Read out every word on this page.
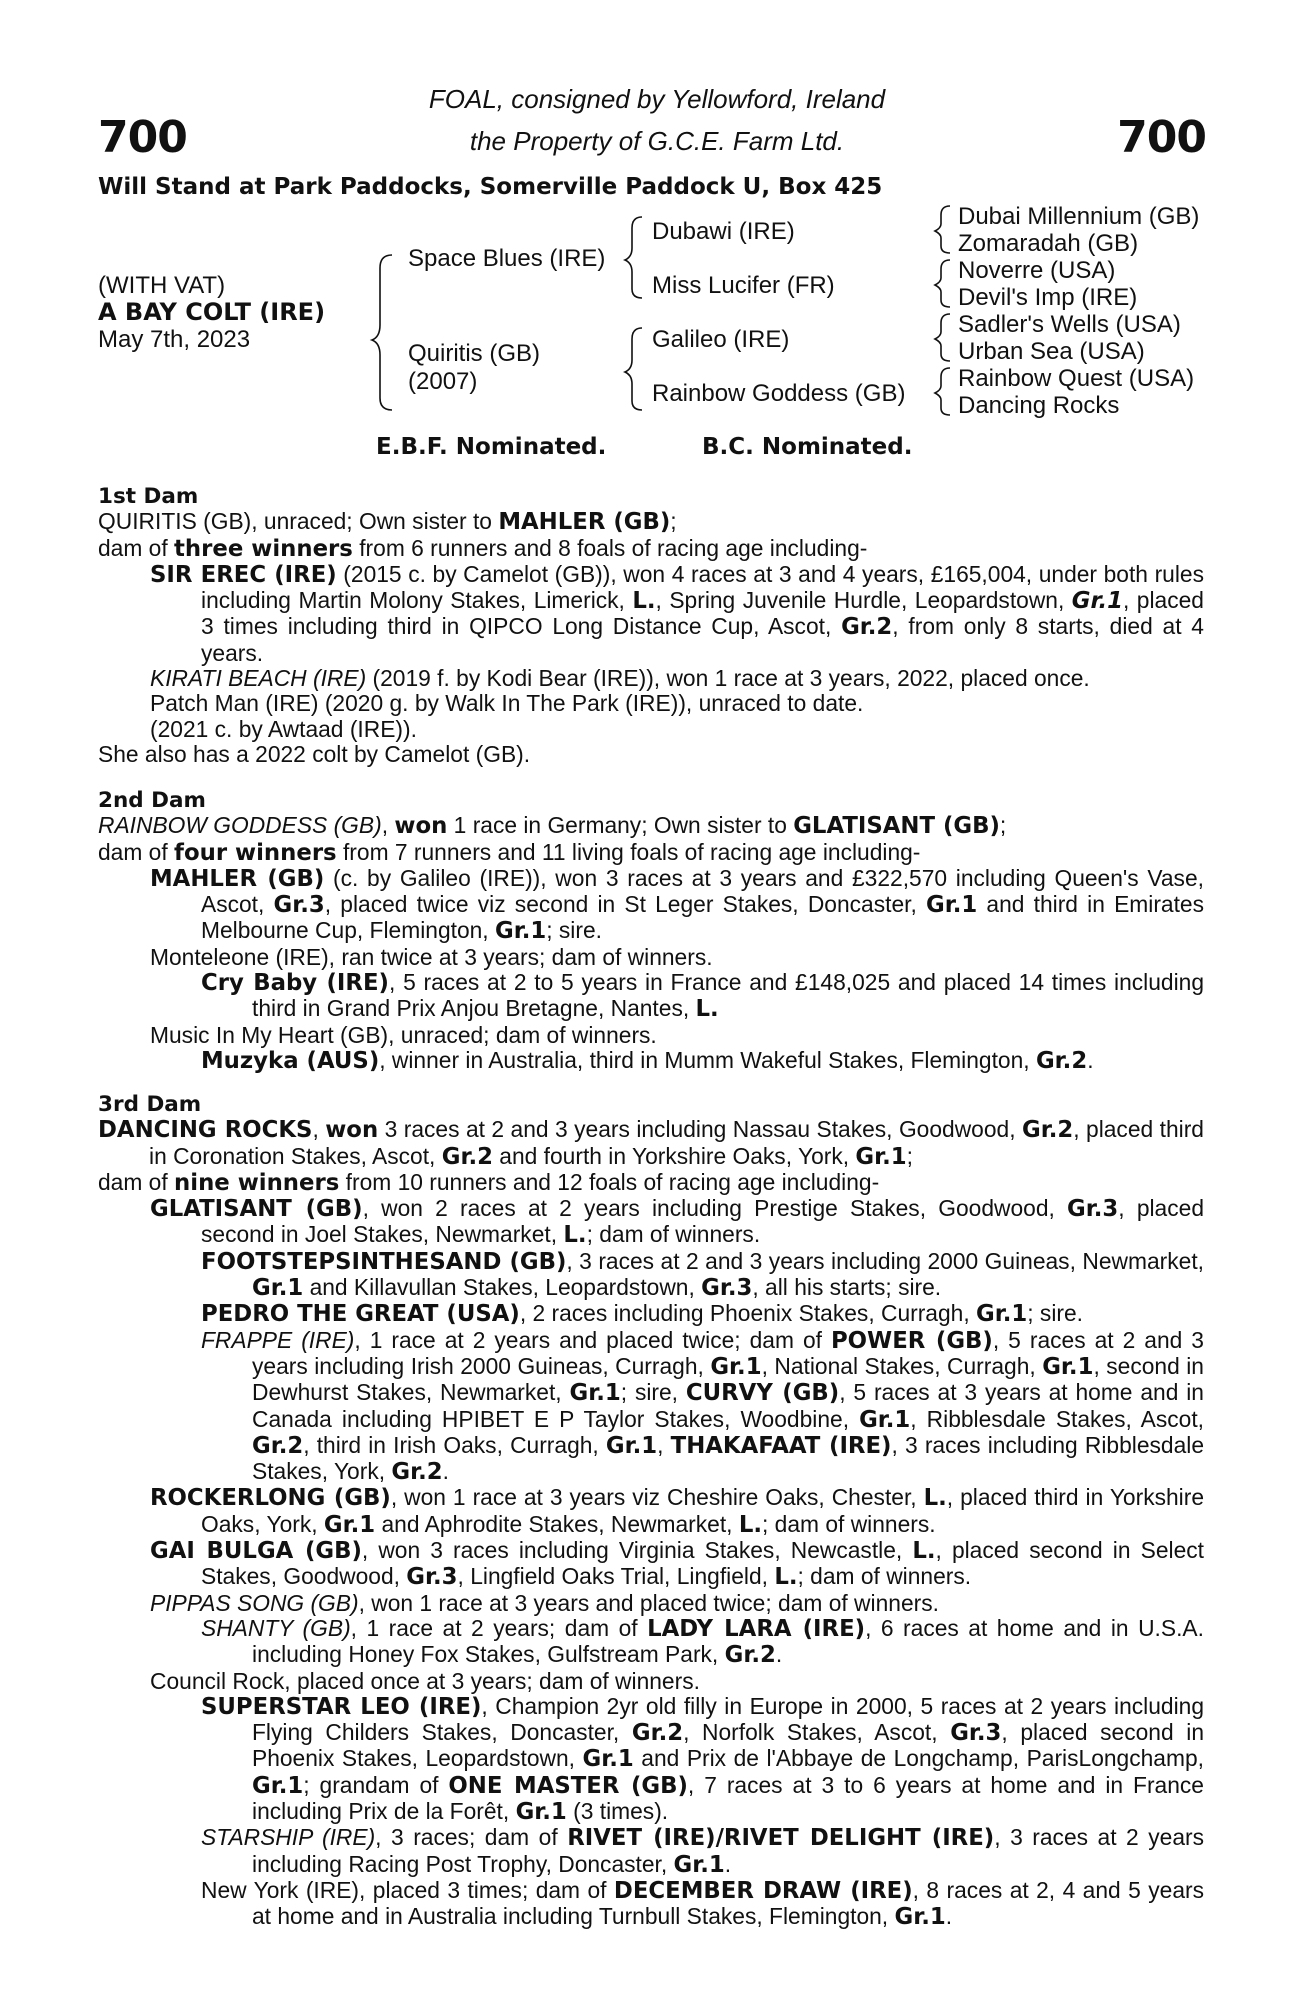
700	700
FOAL, consigned by Yellowford, Ireland
the Property of G.C.E. Farm Ltd.
Will Stand at Park Paddocks, Somerville Paddock U, Box 425
(WITH VAT)
A BAY COLT (IRE)
May 7th, 2023
Space Blues (IRE)
Quiritis (GB)
(2007)
Dubawi (IRE)
Miss Lucifer (FR)
Galileo (IRE)
Rainbow Goddess (GB)
Dubai Millennium (GB)
Zomaradah (GB)
Noverre (USA)
Devil's Imp (IRE)
Sadler's Wells (USA)
Urban Sea (USA)
Rainbow Quest (USA)
Dancing Rocks
E.B.F. Nominated.	B.C. Nominated.
1st Dam

QUIRITIS (GB), unraced; Own sister to MAHLER (GB);

dam of three winners from 6 runners and 8 foals of racing age including-

SIR EREC (IRE) (2015 c. by Camelot (GB)), won 4 races at 3 and 4 years, £165,004, under both rules including Martin Molony Stakes, Limerick, L., Spring Juvenile Hurdle, Leopardstown, Gr.1, placed 3 times including third in QIPCO Long Distance Cup, Ascot, Gr.2, from only 8 starts, died at 4 years.

KIRATI BEACH (IRE) (2019 f. by Kodi Bear (IRE)), won 1 race at 3 years, 2022, placed once.

Patch Man (IRE) (2020 g. by Walk In The Park (IRE)), unraced to date.

(2021 c. by Awtaad (IRE)).

She also has a 2022 colt by Camelot (GB).

2nd Dam

RAINBOW GODDESS (GB), won 1 race in Germany; Own sister to GLATISANT (GB);

dam of four winners from 7 runners and 11 living foals of racing age including-

MAHLER (GB) (c. by Galileo (IRE)), won 3 races at 3 years and £322,570 including Queen's Vase, Ascot, Gr.3, placed twice viz second in St Leger Stakes, Doncaster, Gr.1 and third in Emirates Melbourne Cup, Flemington, Gr.1; sire.

Monteleone (IRE), ran twice at 3 years; dam of winners.

Cry Baby (IRE), 5 races at 2 to 5 years in France and £148,025 and placed 14 times including third in Grand Prix Anjou Bretagne, Nantes, L.

Music In My Heart (GB), unraced; dam of winners.

Muzyka (AUS), winner in Australia, third in Mumm Wakeful Stakes, Flemington, Gr.2.

3rd Dam

DANCING ROCKS, won 3 races at 2 and 3 years including Nassau Stakes, Goodwood, Gr.2, placed third in Coronation Stakes, Ascot, Gr.2 and fourth in Yorkshire Oaks, York, Gr.1;

dam of nine winners from 10 runners and 12 foals of racing age including-

GLATISANT (GB), won 2 races at 2 years including Prestige Stakes, Goodwood, Gr.3, placed second in Joel Stakes, Newmarket, L.; dam of winners.

FOOTSTEPSINTHESAND (GB), 3 races at 2 and 3 years including 2000 Guineas, Newmarket, Gr.1 and Killavullan Stakes, Leopardstown, Gr.3, all his starts; sire.

PEDRO THE GREAT (USA), 2 races including Phoenix Stakes, Curragh, Gr.1; sire.

FRAPPE (IRE), 1 race at 2 years and placed twice; dam of POWER (GB), 5 races at 2 and 3 years including Irish 2000 Guineas, Curragh, Gr.1, National Stakes, Curragh, Gr.1, second in Dewhurst Stakes, Newmarket, Gr.1; sire, CURVY (GB), 5 races at 3 years at home and in Canada including HPIBET E P Taylor Stakes, Woodbine, Gr.1, Ribblesdale Stakes, Ascot, Gr.2, third in Irish Oaks, Curragh, Gr.1, THAKAFAAT (IRE), 3 races including Ribblesdale Stakes, York, Gr.2.

ROCKERLONG (GB), won 1 race at 3 years viz Cheshire Oaks, Chester, L., placed third in Yorkshire Oaks, York, Gr.1 and Aphrodite Stakes, Newmarket, L.; dam of winners.

GAI BULGA (GB), won 3 races including Virginia Stakes, Newcastle, L., placed second in Select Stakes, Goodwood, Gr.3, Lingfield Oaks Trial, Lingfield, L.; dam of winners.

PIPPAS SONG (GB), won 1 race at 3 years and placed twice; dam of winners.

SHANTY (GB), 1 race at 2 years; dam of LADY LARA (IRE), 6 races at home and in U.S.A. including Honey Fox Stakes, Gulfstream Park, Gr.2.

Council Rock, placed once at 3 years; dam of winners.

SUPERSTAR LEO (IRE), Champion 2yr old filly in Europe in 2000, 5 races at 2 years including Flying Childers Stakes, Doncaster, Gr.2, Norfolk Stakes, Ascot, Gr.3, placed second in Phoenix Stakes, Leopardstown, Gr.1 and Prix de l'Abbaye de Longchamp, ParisLongchamp, Gr.1; grandam of ONE MASTER (GB), 7 races at 3 to 6 years at home and in France including Prix de la Forêt, Gr.1 (3 times).

STARSHIP (IRE), 3 races; dam of RIVET (IRE)/RIVET DELIGHT (IRE), 3 races at 2 years including Racing Post Trophy, Doncaster, Gr.1.

New York (IRE), placed 3 times; dam of DECEMBER DRAW (IRE), 8 races at 2, 4 and 5 years at home and in Australia including Turnbull Stakes, Flemington, Gr.1.
